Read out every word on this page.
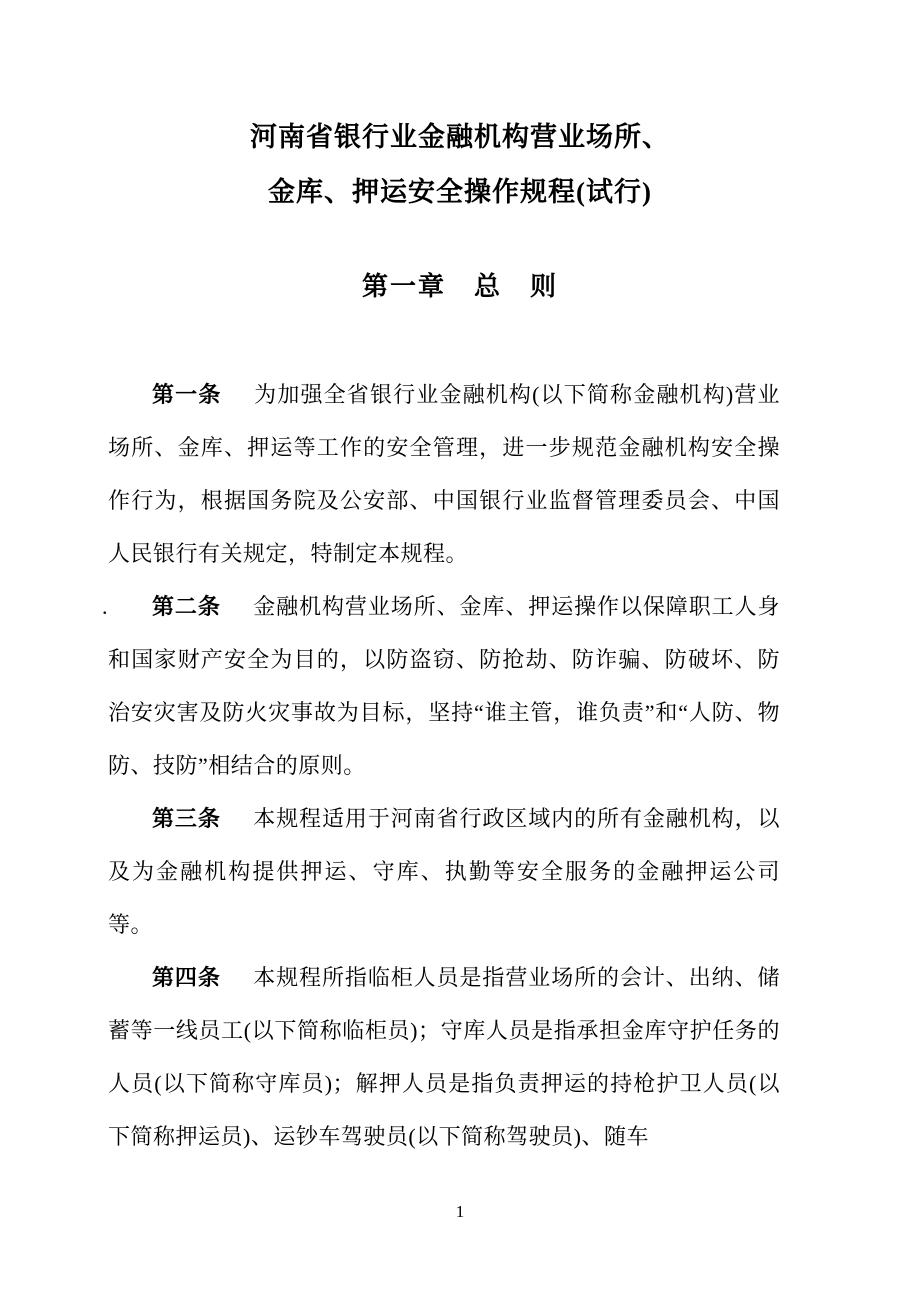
河南省银行业金融机构营业场所、
金库、押运安全操作规程(试行)
第一章　总　则

第一条 为加强全省银行业金融机构(以下简称金融机构)营业场所、金库、押运等工作的安全管理，进一步规范金融机构安全操作行为，根据国务院及公安部、中国银行业监督管理委员会、中国人民银行有关规定，特制定本规程。

. 第二条 金融机构营业场所、金库、押运操作以保障职工人身和国家财产安全为目的，以防盗窃、防抢劫、防诈骗、防破坏、防治安灾害及防火灾事故为目标，坚持“谁主管，谁负责”和“人防、物防、技防”相结合的原则。

第三条 本规程适用于河南省行政区域内的所有金融机构，以及为金融机构提供押运、守库、执勤等安全服务的金融押运公司等。

第四条 本规程所指临柜人员是指营业场所的会计、出纳、储蓄等一线员工(以下简称临柜员)；守库人员是指承担金库守护任务的人员(以下简称守库员)；解押人员是指负责押运的持枪护卫人员(以下简称押运员)、运钞车驾驶员(以下简称驾驶员)、随车

1
